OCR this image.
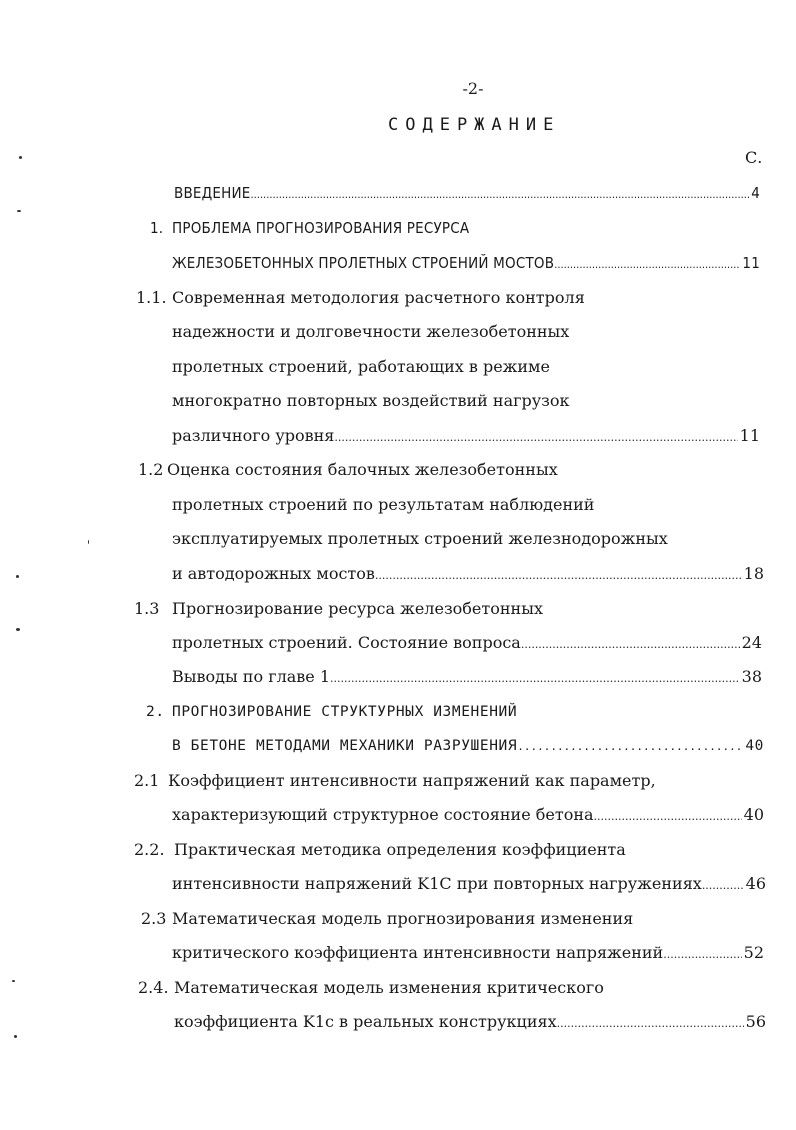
-2-
СОДЕРЖАНИЕ
С.
ВВЕДЕНИЕ .....	4
1. ПРОБЛЕМА ПРОГНОЗИРОВАНИЯ РЕСУРСА
ЖЕЛЕЗОБЕТОННЫХ ПРОЛЕТНЫХ СТРОЕНИЙ МОСТОВ .....	11
1.1. Современная методология расчетного контроля
надежности и долговечности железобетонных
пролетных строений, работающих в режиме
многократно повторных воздействий нагрузок
различного уровня .....	11
1.2 Оценка состояния балочных железобетонных
пролетных строений по результатам наблюдений
эксплуатируемых пролетных строений железнодорожных
и автодорожных мостов .....	18
1.3 Прогнозирование ресурса железобетонных
пролетных строений. Состояние вопроса .....	24
Выводы по главе 1 .....	38
2. ПРОГНОЗИРОВАНИЕ СТРУКТУРНЫХ ИЗМЕНЕНИЙ
В БЕТОНЕ МЕТОДАМИ МЕХАНИКИ РАЗРУШЕНИЯ .....	40
2.1 Коэффициент интенсивности напряжений как параметр,
характеризующий структурное состояние бетона .....	40
2.2. Практическая методика определения коэффициента
интенсивности напряжений K1C при повторных нагружениях .....	46
2.3 Математическая модель прогнозирования изменения
критического коэффициента интенсивности напряжений .....	52
2.4. Математическая модель изменения критического
коэффициента K1c в реальных конструкциях .....	56
